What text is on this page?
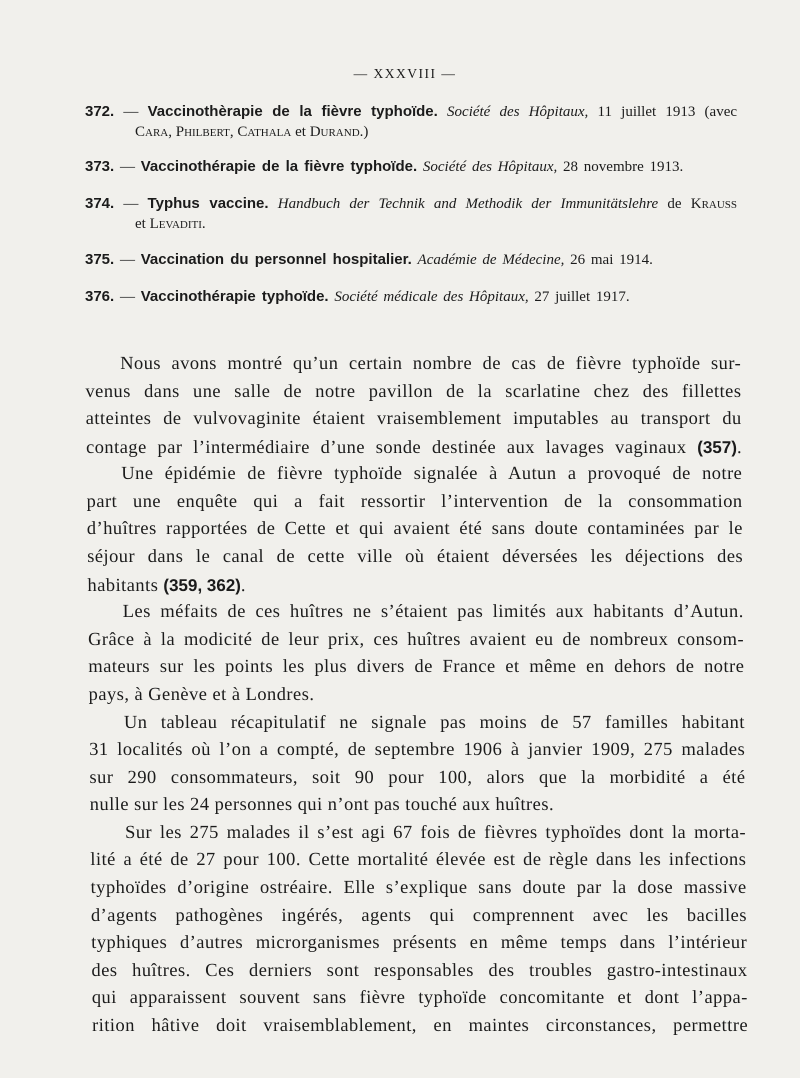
— XXXVIII —
372. — Vaccinothèrapie de la fièvre typhoïde. Société des Hôpitaux, 11 juillet 1913 (avec
Cara, Philbert, Cathala et Durand.)
373. — Vaccinothérapie de la fièvre typhoïde. Société des Hôpitaux, 28 novembre 1913.
374. — Typhus vaccine. Handbuch der Technik and Methodik der Immunitätslehre de Krauss
et Levaditi.
375. — Vaccination du personnel hospitalier. Académie de Médecine, 26 mai 1914.
376. — Vaccinothérapie typhoïde. Société médicale des Hôpitaux, 27 juillet 1917.
Nous avons montré qu’un certain nombre de cas de fièvre typhoïde sur-
venus dans une salle de notre pavillon de la scarlatine chez des fillettes
atteintes de vulvovaginite étaient vraisemblement imputables au transport du
contage par l’intermédiaire d’une sonde destinée aux lavages vaginaux (357).
Une épidémie de fièvre typhoïde signalée à Autun a provoqué de notre
part une enquête qui a fait ressortir l’intervention de la consommation
d’huîtres rapportées de Cette et qui avaient été sans doute contaminées par le
séjour dans le canal de cette ville où étaient déversées les déjections des
habitants (359, 362).
Les méfaits de ces huîtres ne s’étaient pas limités aux habitants d’Autun.
Grâce à la modicité de leur prix, ces huîtres avaient eu de nombreux consom-
mateurs sur les points les plus divers de France et même en dehors de notre
pays, à Genève et à Londres.
Un tableau récapitulatif ne signale pas moins de 57 familles habitant
31 localités où l’on a compté, de septembre 1906 à janvier 1909, 275 malades
sur 290 consommateurs, soit 90 pour 100, alors que la morbidité a été
nulle sur les 24 personnes qui n’ont pas touché aux huîtres.
Sur les 275 malades il s’est agi 67 fois de fièvres typhoïdes dont la morta-
lité a été de 27 pour 100. Cette mortalité élevée est de règle dans les infections
typhoïdes d’origine ostréaire. Elle s’explique sans doute par la dose massive
d’agents pathogènes ingérés, agents qui comprennent avec les bacilles
typhiques d’autres microrganismes présents en même temps dans l’intérieur
des huîtres. Ces derniers sont responsables des troubles gastro-intestinaux
qui apparaissent souvent sans fièvre typhoïde concomitante et dont l’appa-
rition hâtive doit vraisemblablement, en maintes circonstances, permettre
